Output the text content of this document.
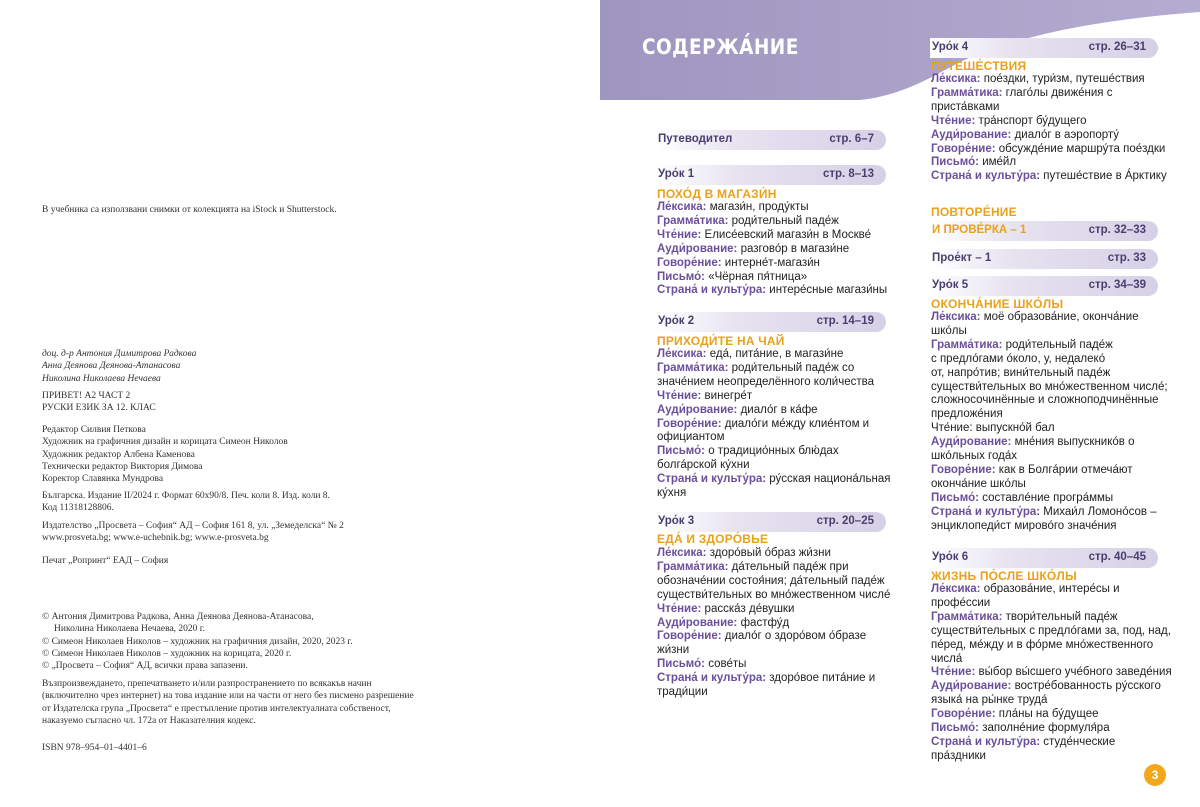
В учебника са използвани снимки от колекцията на iStock и Shutterstock.
доц. д-р Антония Димитрова Радкова
Анна Деянова Деянова-Атанасова
Николина Николаева Нечаева
ПРИВЕТ! А2 ЧАСТ 2
РУСКИ ЕЗИК ЗА 12. КЛАС
Редактор Силвия Петкова
Художник на графичния дизайн и корицата Симеон Николов
Художник редактор Албена Каменова
Технически редактор Виктория Димова
Коректор Славянка Мундрова
Българска. Издание II/2024 г. Формат 60х90/8. Печ. коли 8. Изд. коли 8.
Код 11318128806.
Издателство „Просвета – София“ АД – София 161 8, ул. „Земеделска“ № 2
www.prosveta.bg; www.e-uchebnik.bg; www.e-prosveta.bg
Печат „Ропринт“ ЕАД – София
© Антония Димитрова Радкова, Анна Деянова Деянова-Атанасова,
Николина Николаева Нечаева, 2020 г.
© Симеон Николаев Николов – художник на графичния дизайн, 2020, 2023 г.
© Симеон Николаев Николов – художник на корицата, 2020 г.
© „Просвета – София“ АД, всички права запазени.
Възпроизвеждането, препечатването и/или разпространението по всякакъв начин
(включително чрез интернет) на това издание или на части от него без писмено разрешение
от Издателска група „Просвета“ е престъпление против интелектуалната собственост,
наказуемо съгласно чл. 172а от Наказателния кодекс.
ISBN 978–954–01–4401–6
СОДЕРЖА́НИЕ
Путеводител	стр. 6–7
Уро́к 1	стр. 8–13
ПОХО́Д В МАГАЗИ́Н
Ле́ксика: магази́н, проду́кты
Грамма́тика: роди́тельный паде́ж
Чте́ние: Елисе́евский магази́н в Москве́
Ауди́рование: разгово́р в магази́не
Говоре́ние: интерне́т-магази́н
Письмо́: «Чёрная пя́тница»
Страна́ и культу́ра: интере́сные магази́ны
Уро́к 2	стр. 14–19
ПРИХОДИ́ТЕ НА ЧАЙ
Ле́ксика: еда́, пита́ние, в магази́не
Грамма́тика: роди́тельный паде́ж со
значе́нием неопределённого коли́чества
Чте́ние: винегре́т
Ауди́рование: диало́г в ка́фе
Говоре́ние: диало́ги ме́жду клие́нтом и
офиц́иантом
Письмо́: о традицио́нных блю́дах
болга́рской ку́хни
Страна́ и культу́ра: ру́сская национа́льная
ку́хня
Уро́к 3	стр. 20–25
ЕДА́ И ЗДОРО́ВЬЕ
Ле́ксика: здоро́вый о́браз жи́зни
Грамма́тика: да́тельный паде́ж при
обозначе́нии состоя́ния; да́тельный паде́ж
существи́тельных во мно́жественном числе́
Чте́ние: расска́з де́вушки
Ауди́рование: фастфу́д
Говоре́ние: диало́г о здоро́вом о́бразе
жи́зни
Письмо́: сове́ты
Страна́ и культу́ра: здоро́вое пита́ние и
тради́ции
Уро́к 4	стр. 26–31
ПУТЕШЕ́СТВИЯ
Ле́ксика: пое́здки, тури́зм, путеше́ствия
Грамма́тика: глаго́лы движе́ния с
приста́вками
Чте́ние: тра́нспорт бу́дущего
Ауди́рование: диало́г в аэропорту́
Говоре́ние: обсужде́ние маршру́та пое́здки
Письмо́: име́йл
Страна́ и культу́ра: путеше́ствие в А́рктику
ПОВТОРЕ́НИЕ
И ПРОВЕ́РКА – 1	стр. 32–33
Прое́кт – 1	стр. 33
Уро́к 5	стр. 34–39
ОКОНЧА́НИЕ ШКО́ЛЫ
Ле́ксика: моё образова́ние, оконча́ние
шко́лы
Грамма́тика: роди́тельный паде́ж
с предло́гами о́коло, у, недалеко́
от, напро́тив; вини́тельный паде́ж
существи́тельных во мно́жественном числе́;
сложносочинённые и сложноподчинённые
предложе́ния
Чте́ние: выпускно́й бал
Ауди́рование: мне́ния выпускнико́в о
шко́льных года́х
Говоре́ние: как в Болга́рии отмеча́ют
оконча́ние шко́лы
Письмо́: составле́ние програ́ммы
Страна́ и культу́ра: Михаи́л Ломоно́сов –
энциклопеди́ст мирово́го значе́ния
Уро́к 6	стр. 40–45
ЖИЗНЬ ПО́СЛЕ ШКО́ЛЫ
Ле́ксика: образова́ние, интере́сы и
профе́ссии
Грамма́тика: твори́тельный паде́ж
существи́тельных с предло́гами за, под, над,
пе́ред, ме́жду и в фо́рме мно́жественного
числа́
Чте́ние: вы́бор вы́сшего уче́бного заведе́ния
Ауди́рование: востре́бованность ру́сского
языка́ на ры́нке труда́
Говоре́ние: пла́ны на бу́дущее
Письмо́: заполне́ние формуля́ра
Страна́ и культу́ра: студе́нческие
пра́здники
3
